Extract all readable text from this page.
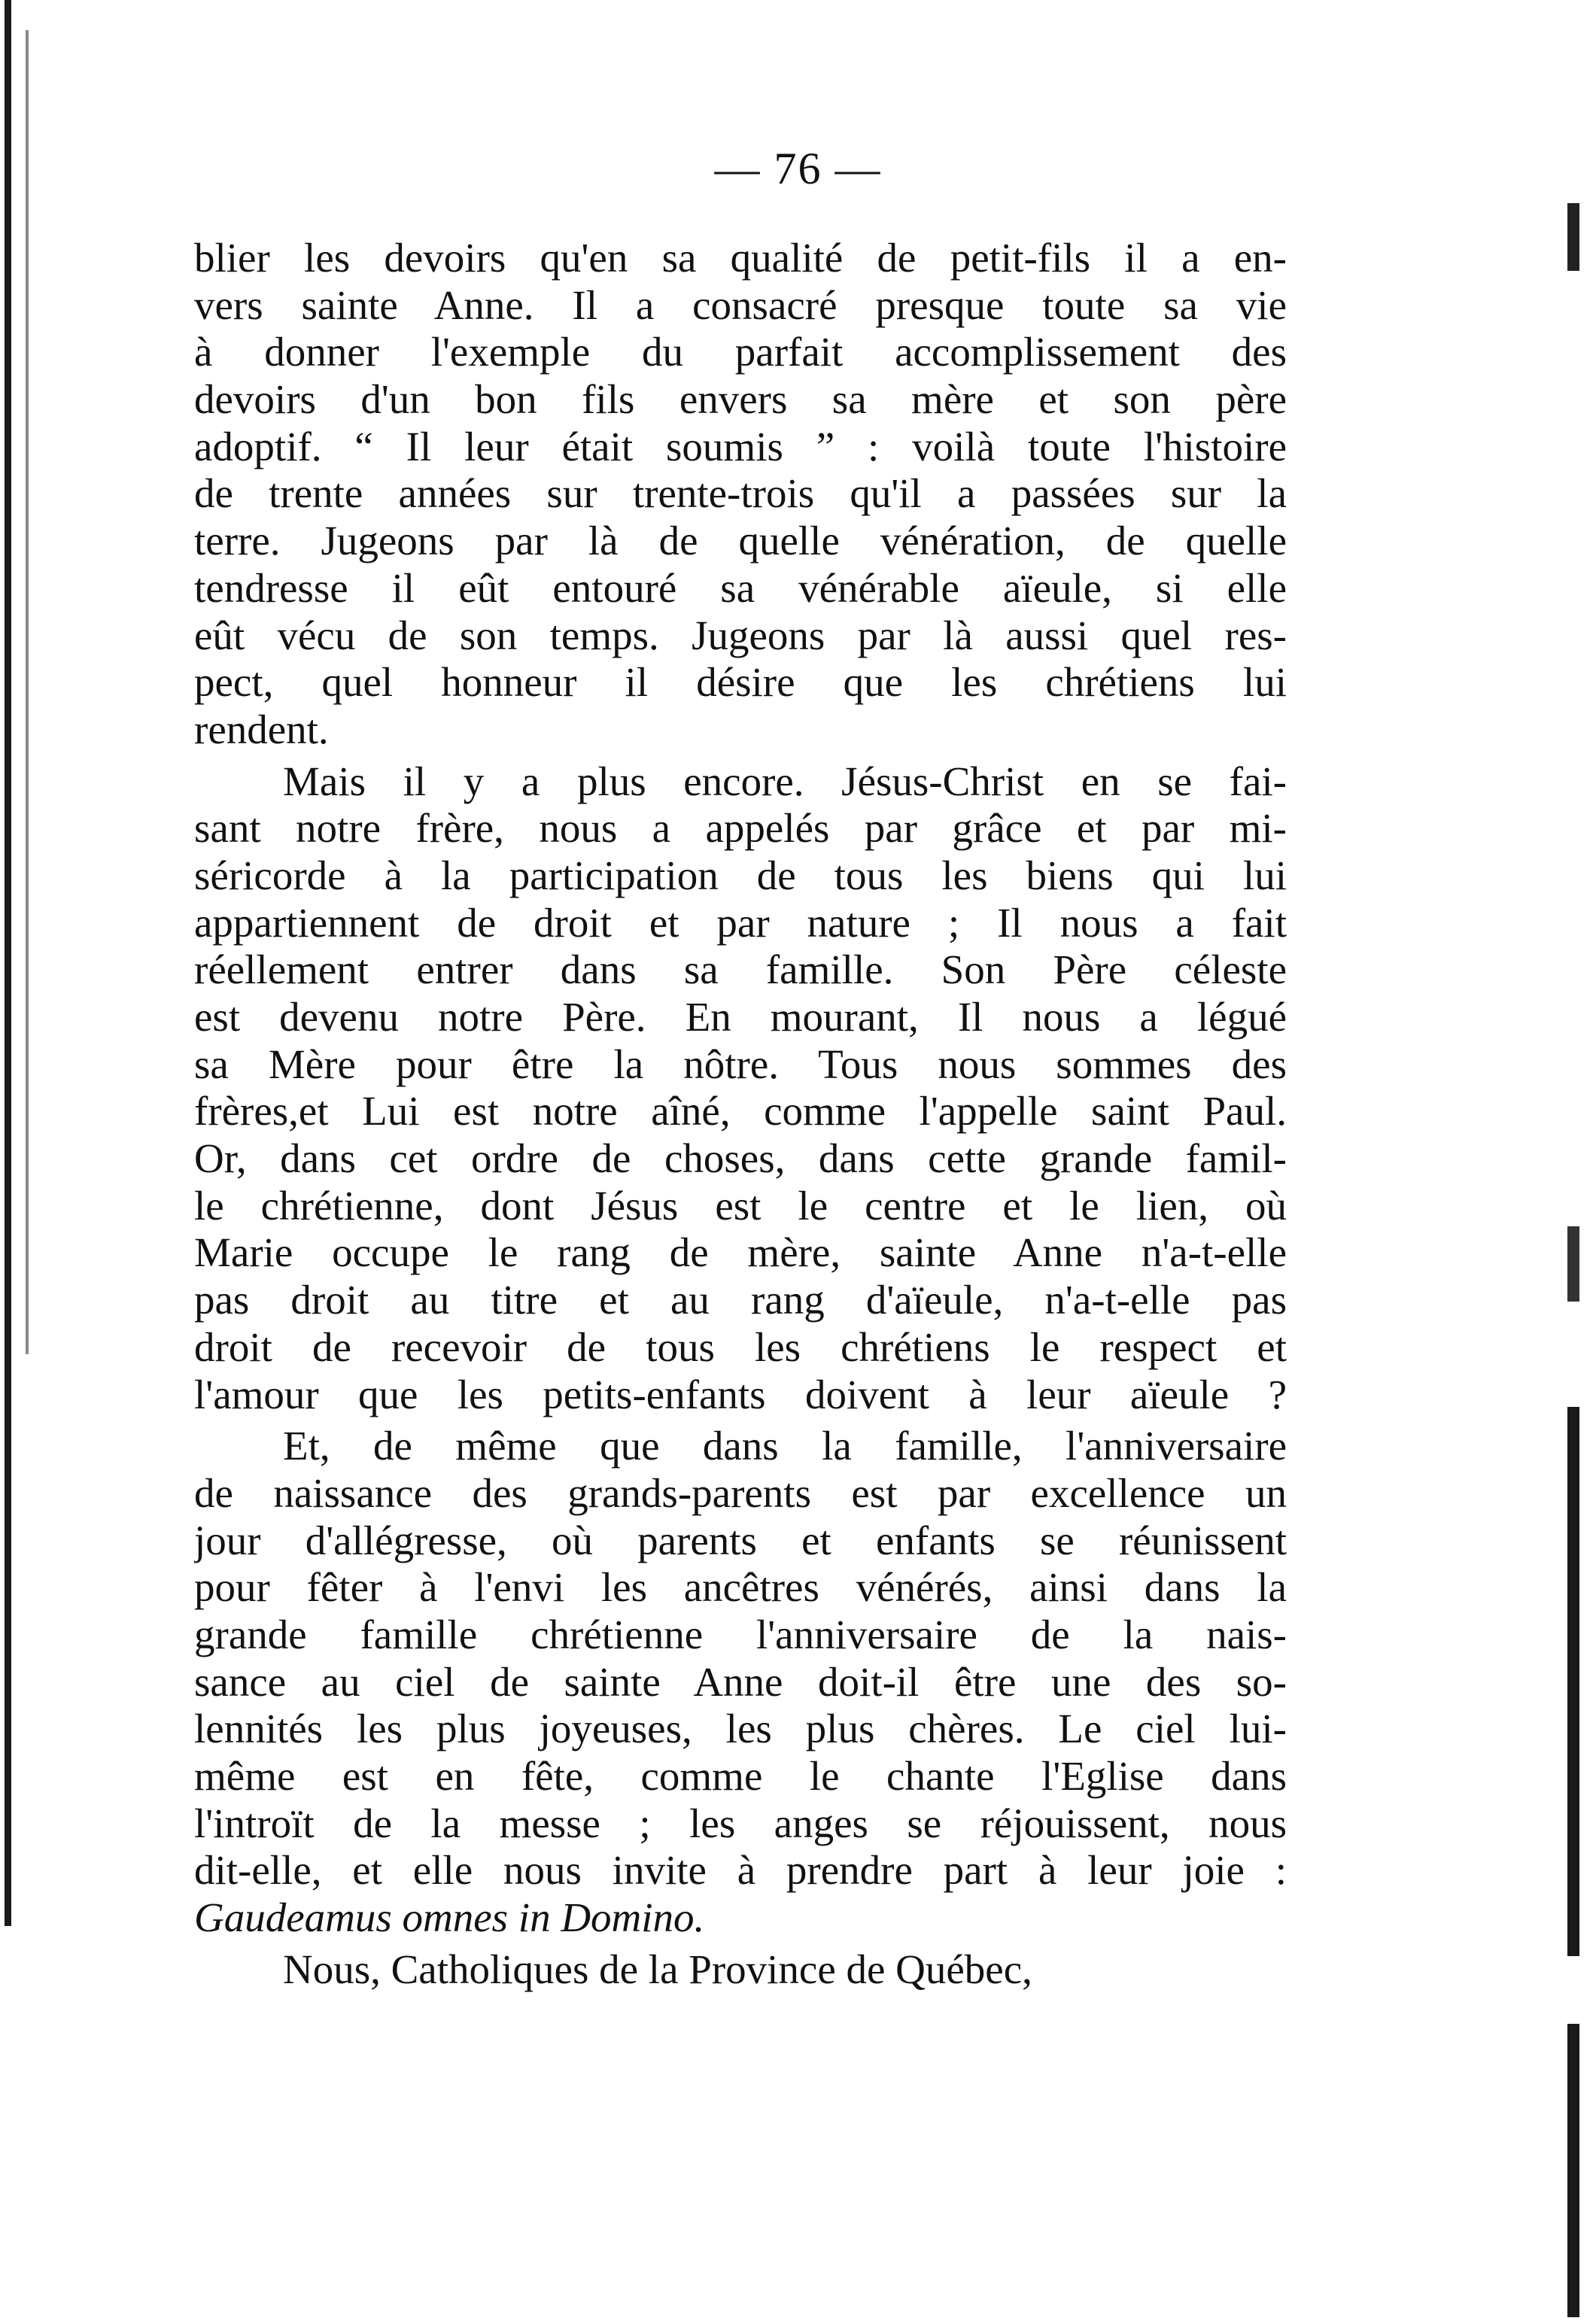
— 76 —
blier les devoirs qu'en sa qualité de petit-fils il a en-
vers sainte Anne. Il a consacré presque toute sa vie
à donner l'exemple du parfait accomplissement des
devoirs d'un bon fils envers sa mère et son père
adoptif. “ Il leur était soumis ” : voilà toute l'histoire
de trente années sur trente-trois qu'il a passées sur la
terre. Jugeons par là de quelle vénération, de quelle
tendresse il eût entouré sa vénérable aïeule, si elle
eût vécu de son temps. Jugeons par là aussi quel res-
pect, quel honneur il désire que les chrétiens lui
rendent.
Mais il y a plus encore. Jésus-Christ en se fai-
sant notre frère, nous a appelés par grâce et par mi-
séricorde à la participation de tous les biens qui lui
appartiennent de droit et par nature ; Il nous a fait
réellement entrer dans sa famille. Son Père céleste
est devenu notre Père. En mourant, Il nous a légué
sa Mère pour être la nôtre. Tous nous sommes des
frères,et Lui est notre aîné, comme l'appelle saint Paul.
Or, dans cet ordre de choses, dans cette grande famil-
le chrétienne, dont Jésus est le centre et le lien, où
Marie occupe le rang de mère, sainte Anne n'a-t-elle
pas droit au titre et au rang d'aïeule, n'a-t-elle pas
droit de recevoir de tous les chrétiens le respect et
l'amour que les petits-enfants doivent à leur aïeule ?
Et, de même que dans la famille, l'anniversaire
de naissance des grands-parents est par excellence un
jour d'allégresse, où parents et enfants se réunissent
pour fêter à l'envi les ancêtres vénérés, ainsi dans la
grande famille chrétienne l'anniversaire de la nais-
sance au ciel de sainte Anne doit-il être une des so-
lennités les plus joyeuses, les plus chères. Le ciel lui-
même est en fête, comme le chante l'Eglise dans
l'introït de la messe ; les anges se réjouissent, nous
dit-elle, et elle nous invite à prendre part à leur joie :
Gaudeamus omnes in Domino.
Nous, Catholiques de la Province de Québec,
